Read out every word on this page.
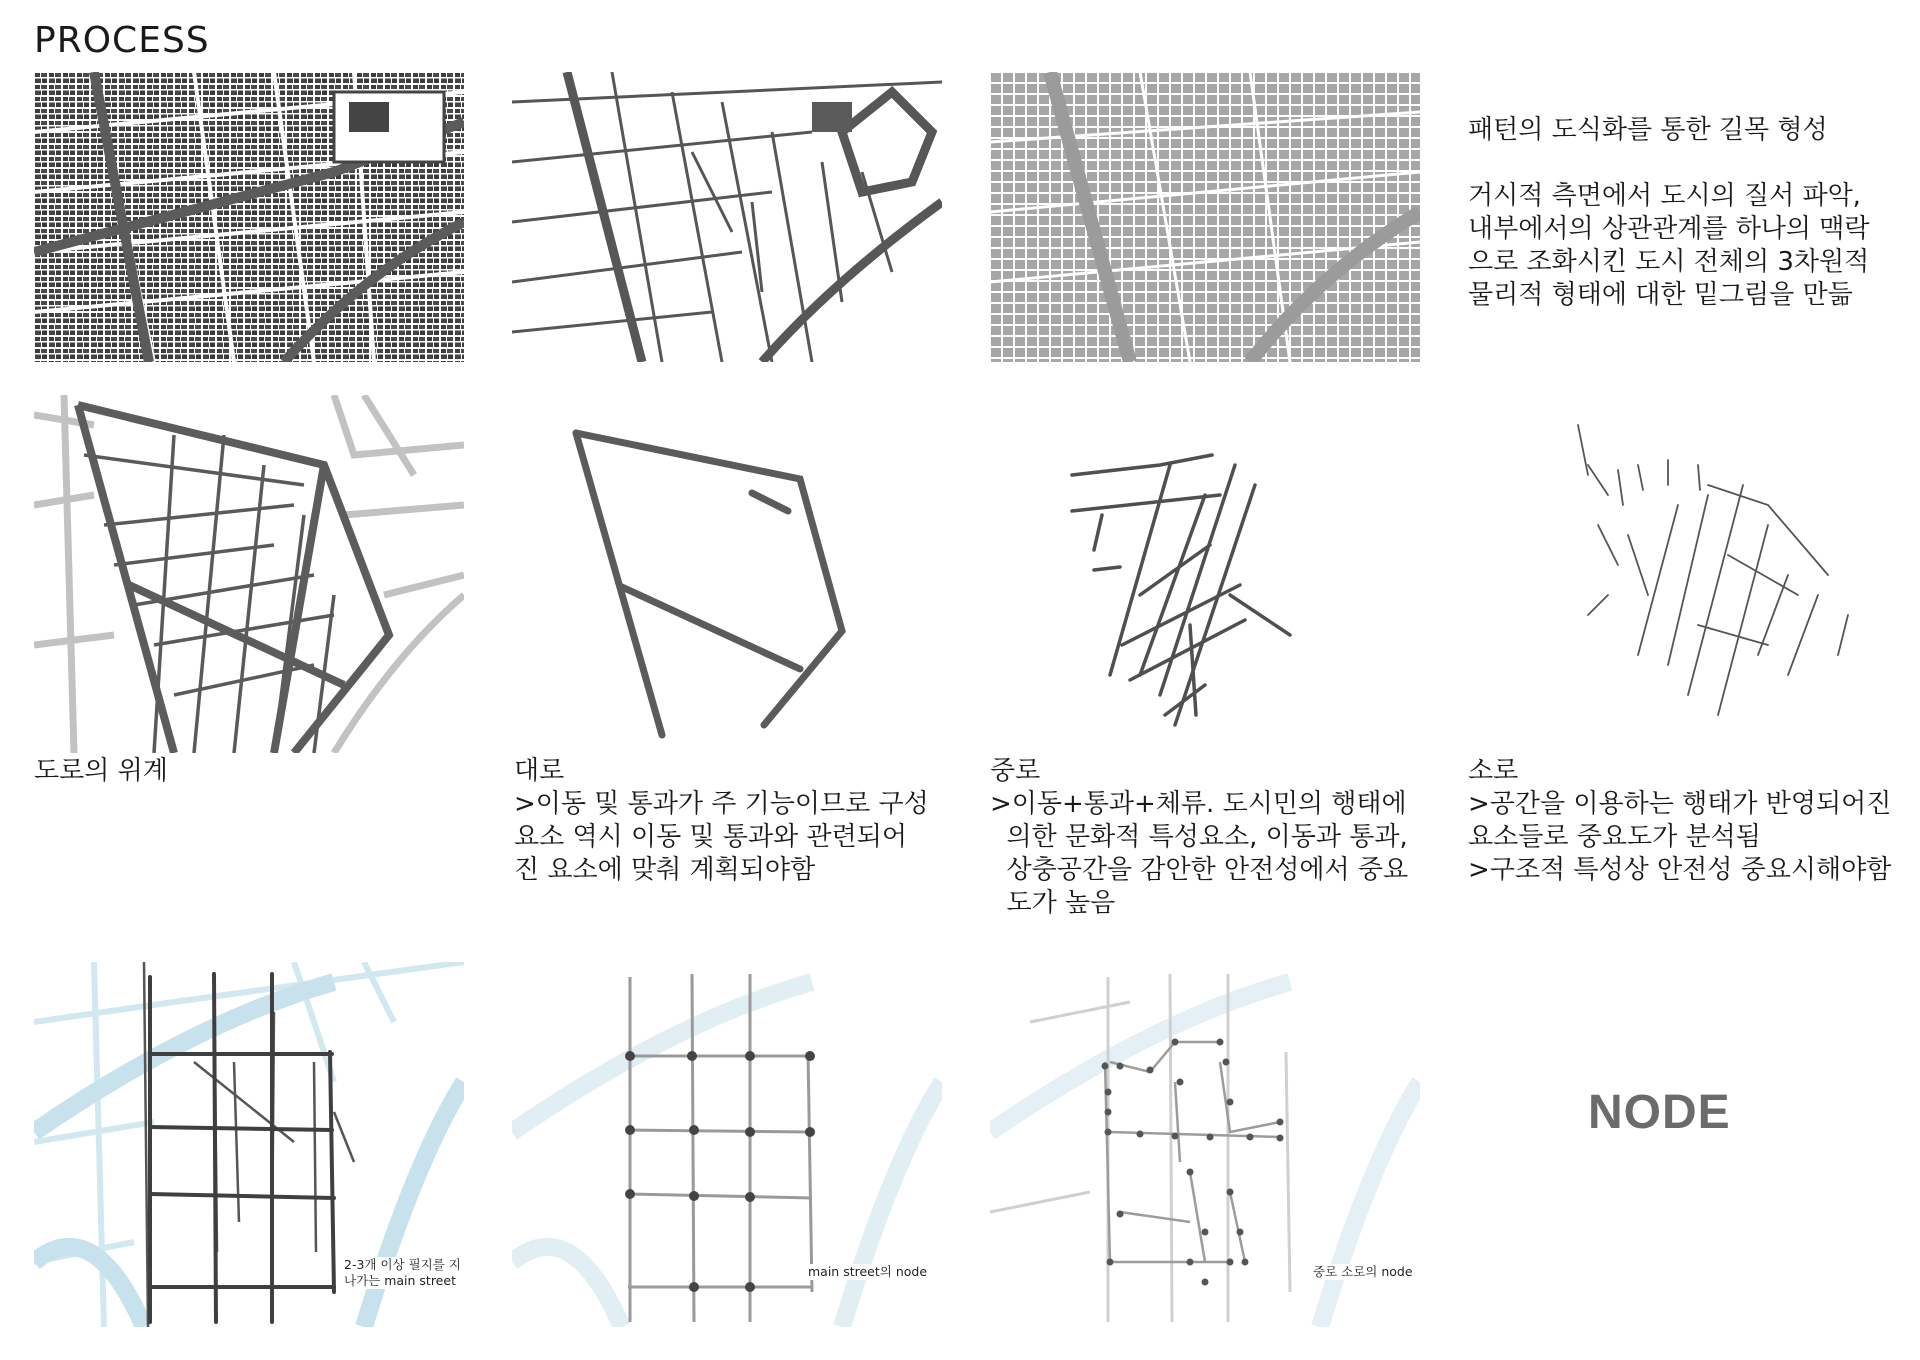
PROCESS
패턴의 도식화를 통한 길목 형성
거시적 측면에서 도시의 질서 파악,
내부에서의 상관관계를 하나의 맥락
으로 조화시킨 도시 전체의 3차원적
물리적 형태에 대한 밑그림을 만듦
도로의 위계	대로
>이동 및 통과가 주 기능이므로 구성
요소 역시 이동 및 통과와 관련되어
진 요소에 맞춰 계획되야함
중로
>이동+통과+체류. 도시민의 행태에
의한 문화적 특성요소, 이동과 통과,
상충공간을 감안한 안전성에서 중요
도가 높음
소로
>공간을 이용하는 행태가 반영되어진
요소들로 중요도가 분석됨
>구조적 특성상 안전성 중요시해야함
2-3개 이상 필지를 지
나가는 main street
main street의 node	중로 소로의 node
NODE
